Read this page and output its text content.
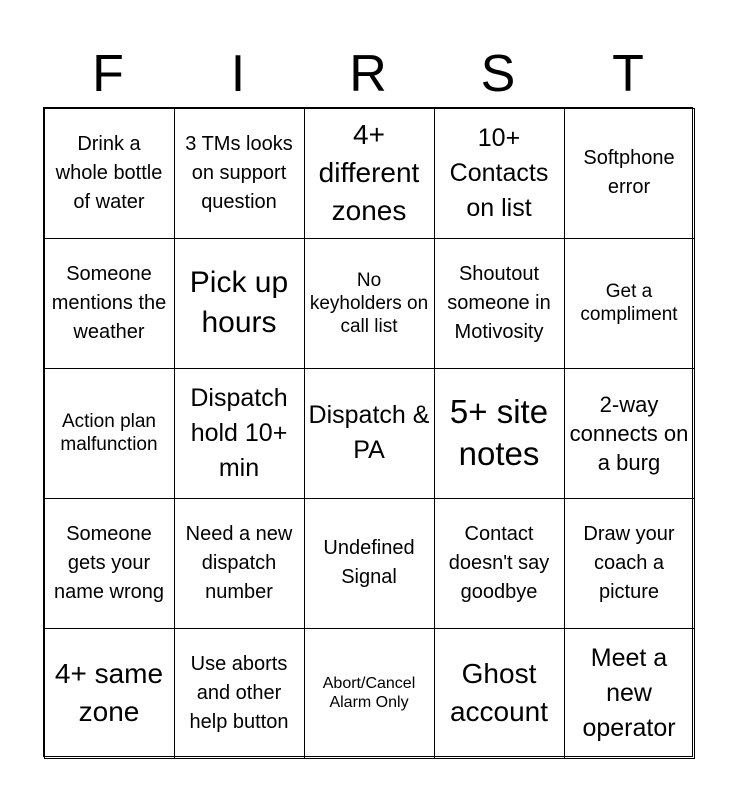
F	I	R	S	T
Drink a whole bottle of water
3 TMs looks on support question
4+ different zones
10+ Contacts on list
Softphone error
Someone mentions the weather
Pick up hours
No keyholders on call list
Shoutout someone in Motivosity
Get a compliment
Action plan malfunction
Dispatch hold 10+ min
Dispatch & PA
5+ site notes
2-way connects on a burg
Someone gets your name wrong
Need a new dispatch number
Undefined Signal
Contact doesn't say goodbye
Draw your coach a picture
4+ same zone
Use aborts and other help button
Abort/Cancel Alarm Only
Ghost account
Meet a new operator
